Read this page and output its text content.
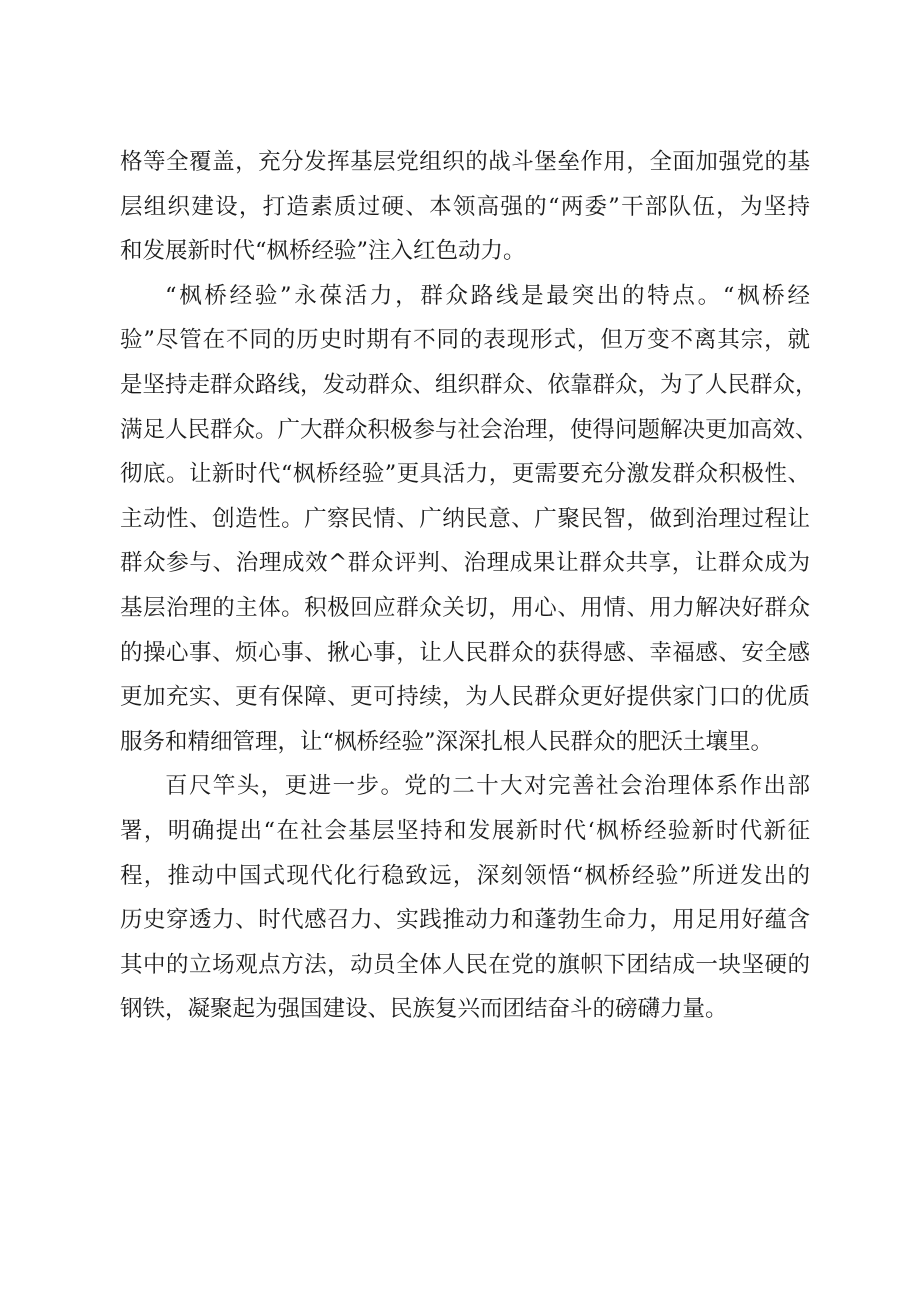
格等全覆盖，充分发挥基层党组织的战斗堡垒作用，全面加强党的基
层组织建设，打造素质过硬、本领高强的“两委”干部队伍，为坚持
和发展新时代“枫桥经验”注入红色动力。
“枫桥经验”永葆活力，群众路线是最突出的特点。“枫桥经
验”尽管在不同的历史时期有不同的表现形式，但万变不离其宗，就
是坚持走群众路线，发动群众、组织群众、依靠群众，为了人民群众，
满足人民群众。广大群众积极参与社会治理，使得问题解决更加高效、
彻底。让新时代“枫桥经验”更具活力，更需要充分激发群众积极性、
主动性、创造性。广察民情、广纳民意、广聚民智，做到治理过程让
群众参与、治理成效^群众评判、治理成果让群众共享，让群众成为
基层治理的主体。积极回应群众关切，用心、用情、用力解决好群众
的操心事、烦心事、揪心事，让人民群众的获得感、幸福感、安全感
更加充实、更有保障、更可持续，为人民群众更好提供家门口的优质
服务和精细管理，让“枫桥经验”深深扎根人民群众的肥沃土壤里。
百尺竿头，更进一步。党的二十大对完善社会治理体系作出部
署，明确提出“在社会基层坚持和发展新时代‘枫桥经验新时代新征
程，推动中国式现代化行稳致远，深刻领悟“枫桥经验”所迸发出的
历史穿透力、时代感召力、实践推动力和蓬勃生命力，用足用好蕴含
其中的立场观点方法，动员全体人民在党的旗帜下团结成一块坚硬的
钢铁，凝聚起为强国建设、民族复兴而团结奋斗的磅礴力量。
